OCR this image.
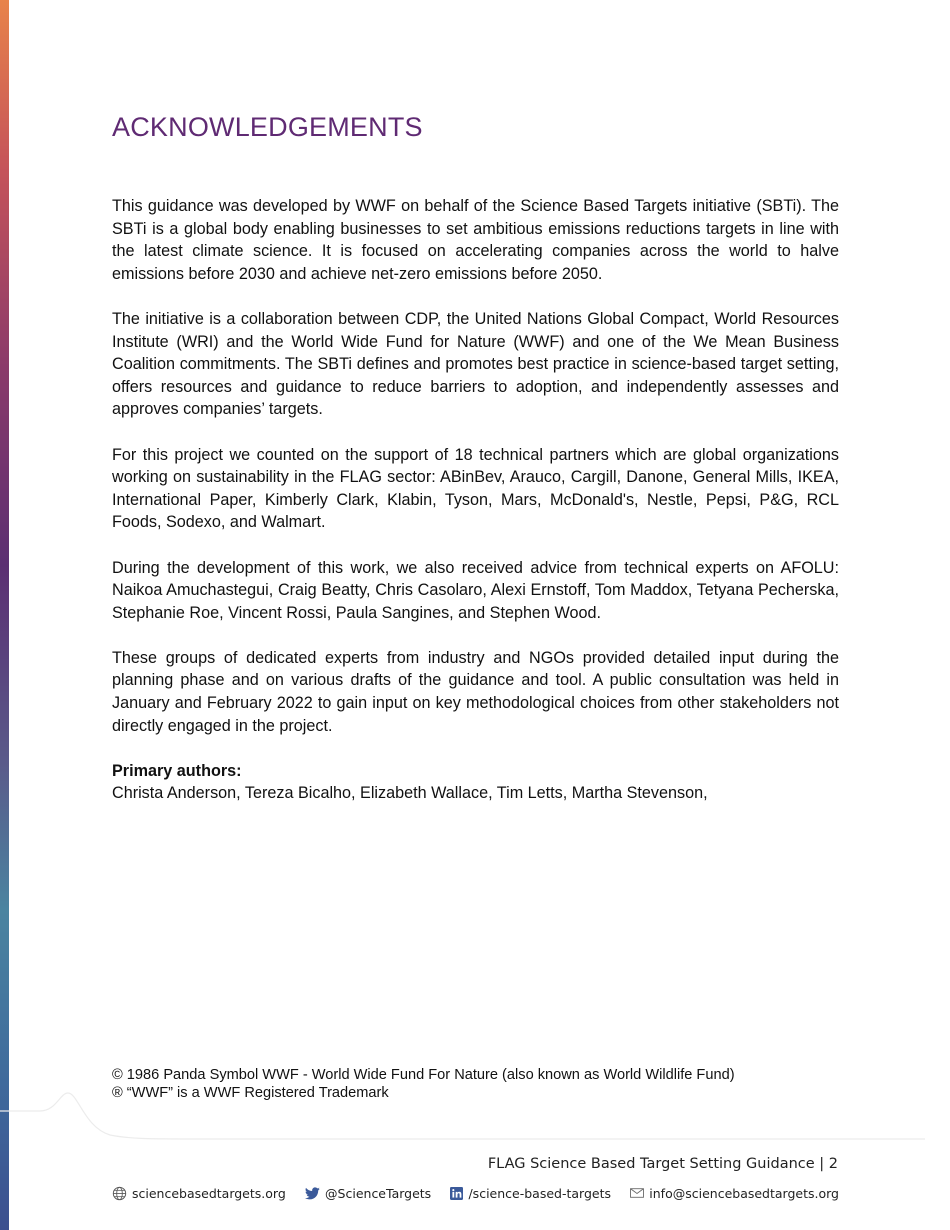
ACKNOWLEDGEMENTS

This guidance was developed by WWF on behalf of the Science Based Targets initiative (SBTi). The SBTi is a global body enabling businesses to set ambitious emissions reductions targets in line with the latest climate science. It is focused on accelerating companies across the world to halve emissions before 2030 and achieve net-zero emissions before 2050.

The initiative is a collaboration between CDP, the United Nations Global Compact, World Resources Institute (WRI) and the World Wide Fund for Nature (WWF) and one of the We Mean Business Coalition commitments. The SBTi defines and promotes best practice in science-based target setting, offers resources and guidance to reduce barriers to adoption, and independently assesses and approves companies’ targets.

For this project we counted on the support of 18 technical partners which are global organizations working on sustainability in the FLAG sector: ABinBev, Arauco, Cargill, Danone, General Mills, IKEA, International Paper, Kimberly Clark, Klabin, Tyson, Mars, McDonald's, Nestle, Pepsi, P&G, RCL Foods, Sodexo, and Walmart.

During the development of this work, we also received advice from technical experts on AFOLU: Naikoa Amuchastegui, Craig Beatty, Chris Casolaro, Alexi Ernstoff, Tom Maddox, Tetyana Pecherska, Stephanie Roe, Vincent Rossi, Paula Sangines, and Stephen Wood.

These groups of dedicated experts from industry and NGOs provided detailed input during the planning phase and on various drafts of the guidance and tool. A public consultation was held in January and February 2022 to gain input on key methodological choices from other stakeholders not directly engaged in the project.

Primary authors:
Christa Anderson, Tereza Bicalho, Elizabeth Wallace, Tim Letts, Martha Stevenson,
© 1986 Panda Symbol WWF - World Wide Fund For Nature (also known as World Wildlife Fund)
® “WWF” is a WWF Registered Trademark
FLAG Science Based Target Setting Guidance | 2
sciencebasedtargets.org	@ScienceTargets	/science-based-targets	info@sciencebasedtargets.org
